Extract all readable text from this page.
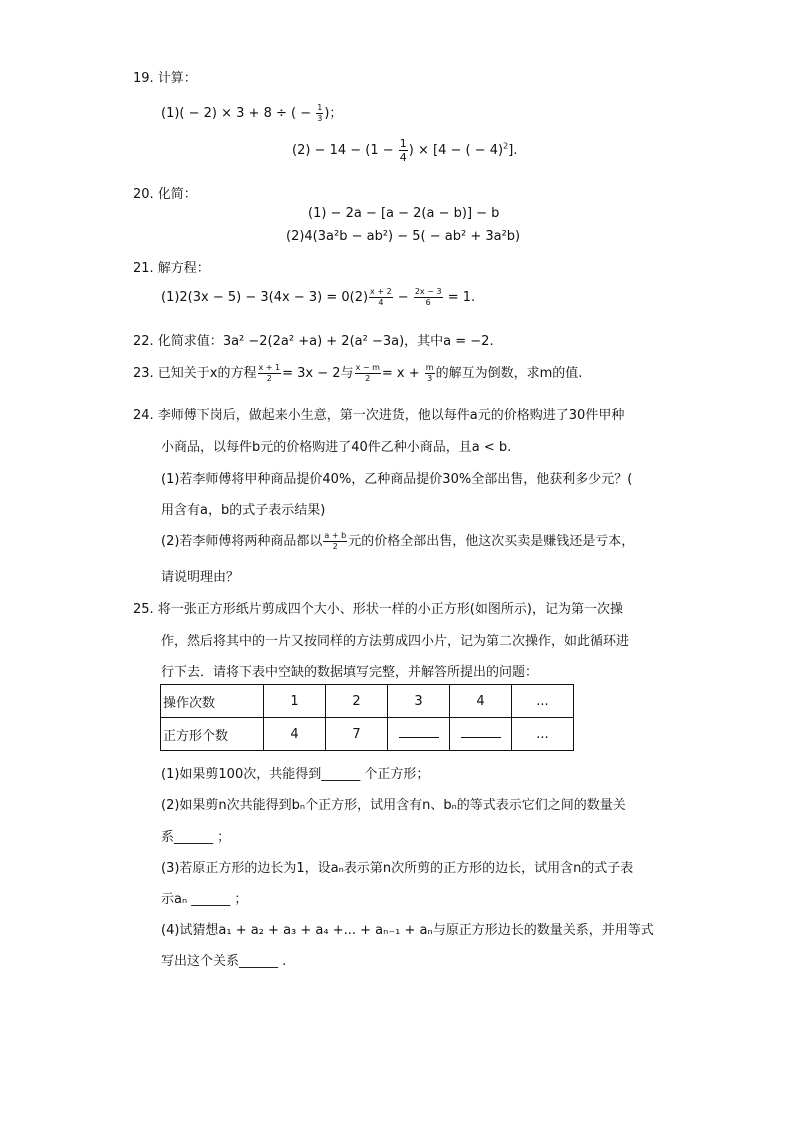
19. 计算：
(1)( − 2) × 3 + 8 ÷ ( − $\frac{1}{3}$ )；
$(2) - 14 - (1 - \frac{1}{4}$ ) × [4 − ( − 4)$^2$].
20. 化简：
(1) − 2a − [a − 2(a − b)] − b
(2)4(3a²b − ab²) − 5( − ab² + 3a²b)
21. 解方程：
$(1)2(3x - 5) - 3(4x - 3) = 0(2) \frac{x + 2}{4} - \frac{2x - 3}{6} = 1$.
22. 化简求值：3a² −2(2a² +a) + 2(a² −3a)，其中a = −2.
23. 已知关于x的方程 $\frac{x + 1}{2} = 3x - 2$与 $\frac{x - m}{2} = x + \frac{m}{3}$ 的解互为倒数，求m的值.
24. 李师傅下岗后，做起来小生意，第一次进货，他以每件a元的价格购进了30件甲种
小商品，以每件b元的价格购进了40件乙种小商品，且a < b.
(1)若李师傅将甲种商品提价40%，乙种商品提价30%全部出售，他获利多少元？(
用含有a，b的式子表示结果)
(2)若李师傅将两种商品都以 $\frac{a + b}{2}$ 元的价格全部出售，他这次买卖是赚钱还是亏本，
请说明理由？
25. 将一张正方形纸片剪成四个大小、形状一样的小正方形(如图所示)，记为第一次操
作，然后将其中的一片又按同样的方法剪成四小片，记为第二次操作，如此循环进
行下去．请将下表中空缺的数据填写完整，并解答所提出的问题：
操作次数	1	2	3	4	...
正方形个数	4	7			...
(1)如果剪100次，共能得到______ 个正方形；
(2)如果剪n次共能得到bₙ个正方形，试用含有n、bₙ的等式表示它们之间的数量关
系______ ；
(3)若原正方形的边长为1，设aₙ表示第n次所剪的正方形的边长，试用含n的式子表
示aₙ ______ ；
(4)试猜想a₁ + a₂ + a₃ + a₄ +... + aₙ₋₁ + aₙ与原正方形边长的数量关系，并用等式
写出这个关系______ .
